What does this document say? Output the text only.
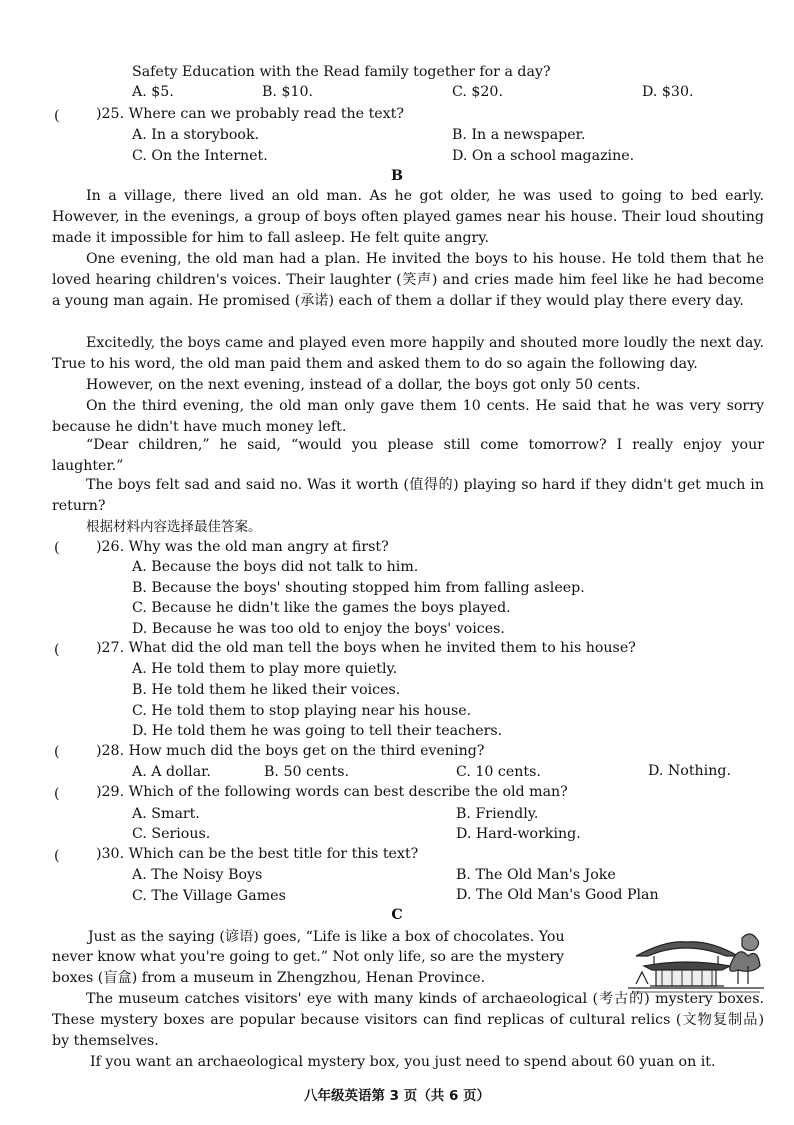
Safety Education with the Read family together for a day?
A. $5.	B. $10.	C. $20.	D. $30.
(	)25. Where can we probably read the text?
A. In a storybook.	B. In a newspaper.
C. On the Internet.	D. On a school magazine.
B
In a village, there lived an old man. As he got older, he was used to going to bed early. However, in the evenings, a group of boys often played games near his house. Their loud shouting made it impossible for him to fall asleep. He felt quite angry.
One evening, the old man had a plan. He invited the boys to his house. He told them that he loved hearing children's voices. Their laughter (笑声) and cries made him feel like he had become a young man again. He promised (承诺) each of them a dollar if they would play there every day.
Excitedly, the boys came and played even more happily and shouted more loudly the next day. True to his word, the old man paid them and asked them to do so again the following day.
However, on the next evening, instead of a dollar, the boys got only 50 cents.
On the third evening, the old man only gave them 10 cents. He said that he was very sorry because he didn't have much money left.
“Dear children,” he said, “would you please still come tomorrow? I really enjoy your laughter.”
The boys felt sad and said no. Was it worth (值得的) playing so hard if they didn't get much in return?
根据材料内容选择最佳答案。
(	)26. Why was the old man angry at first?
A. Because the boys did not talk to him.
B. Because the boys' shouting stopped him from falling asleep.
C. Because he didn't like the games the boys played.
D. Because he was too old to enjoy the boys' voices.
(	)27. What did the old man tell the boys when he invited them to his house?
A. He told them to play more quietly.
B. He told them he liked their voices.
C. He told them to stop playing near his house.
D. He told them he was going to tell their teachers.
(	)28. How much did the boys get on the third evening?
A. A dollar.	B. 50 cents.	C. 10 cents.	D. Nothing.
(	)29. Which of the following words can best describe the old man?
A. Smart.	B. Friendly.
C. Serious.	D. Hard-working.
(	)30. Which can be the best title for this text?
A. The Noisy Boys	B. The Old Man's Joke
C. The Village Games	D. The Old Man's Good Plan
C
Just as the saying (谚语) goes, “Life is like a box of chocolates. You
never know what you're going to get.” Not only life, so are the mystery
boxes (盲盒) from a museum in Zhengzhou, Henan Province.
The museum catches visitors' eye with many kinds of archaeological (考古的) mystery boxes. These mystery boxes are popular because visitors can find replicas of cultural relics (文物复制品) by themselves.
If you want an archaeological mystery box, you just need to spend about 60 yuan on it.
八年级英语第 3 页（共 6 页）
